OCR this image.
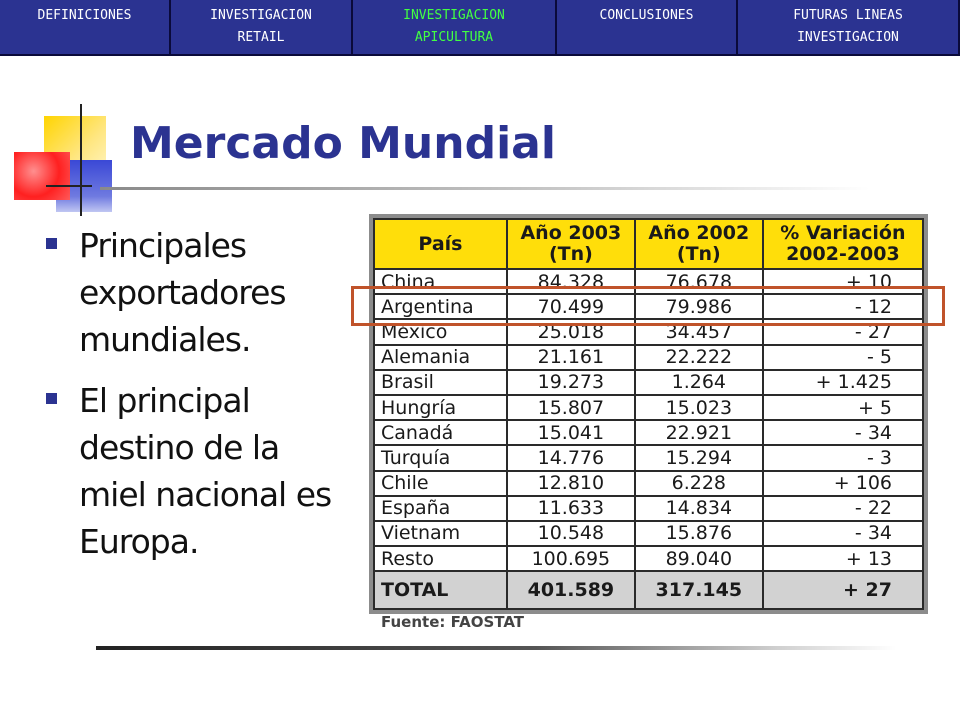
DEFINICIONES	INVESTIGACION
RETAIL
INVESTIGACION
APICULTURA
CONCLUSIONES	FUTURAS LINEAS
INVESTIGACION
Mercado Mundial
Principales exportadores mundiales.
El principal destino de la miel nacional es Europa.
País	Año 2003 (Tn)	Año 2002 (Tn)	% Variación 2002-2003
China	84.328	76.678	+ 10
Argentina	70.499	79.986	- 12
México	25.018	34.457	- 27
Alemania	21.161	22.222	- 5
Brasil	19.273	1.264	+ 1.425
Hungría	15.807	15.023	+ 5
Canadá	15.041	22.921	- 34
Turquía	14.776	15.294	- 3
Chile	12.810	6.228	+ 106
España	11.633	14.834	- 22
Vietnam	10.548	15.876	- 34
Resto	100.695	89.040	+ 13
TOTAL	401.589	317.145	+ 27
Fuente: FAOSTAT
